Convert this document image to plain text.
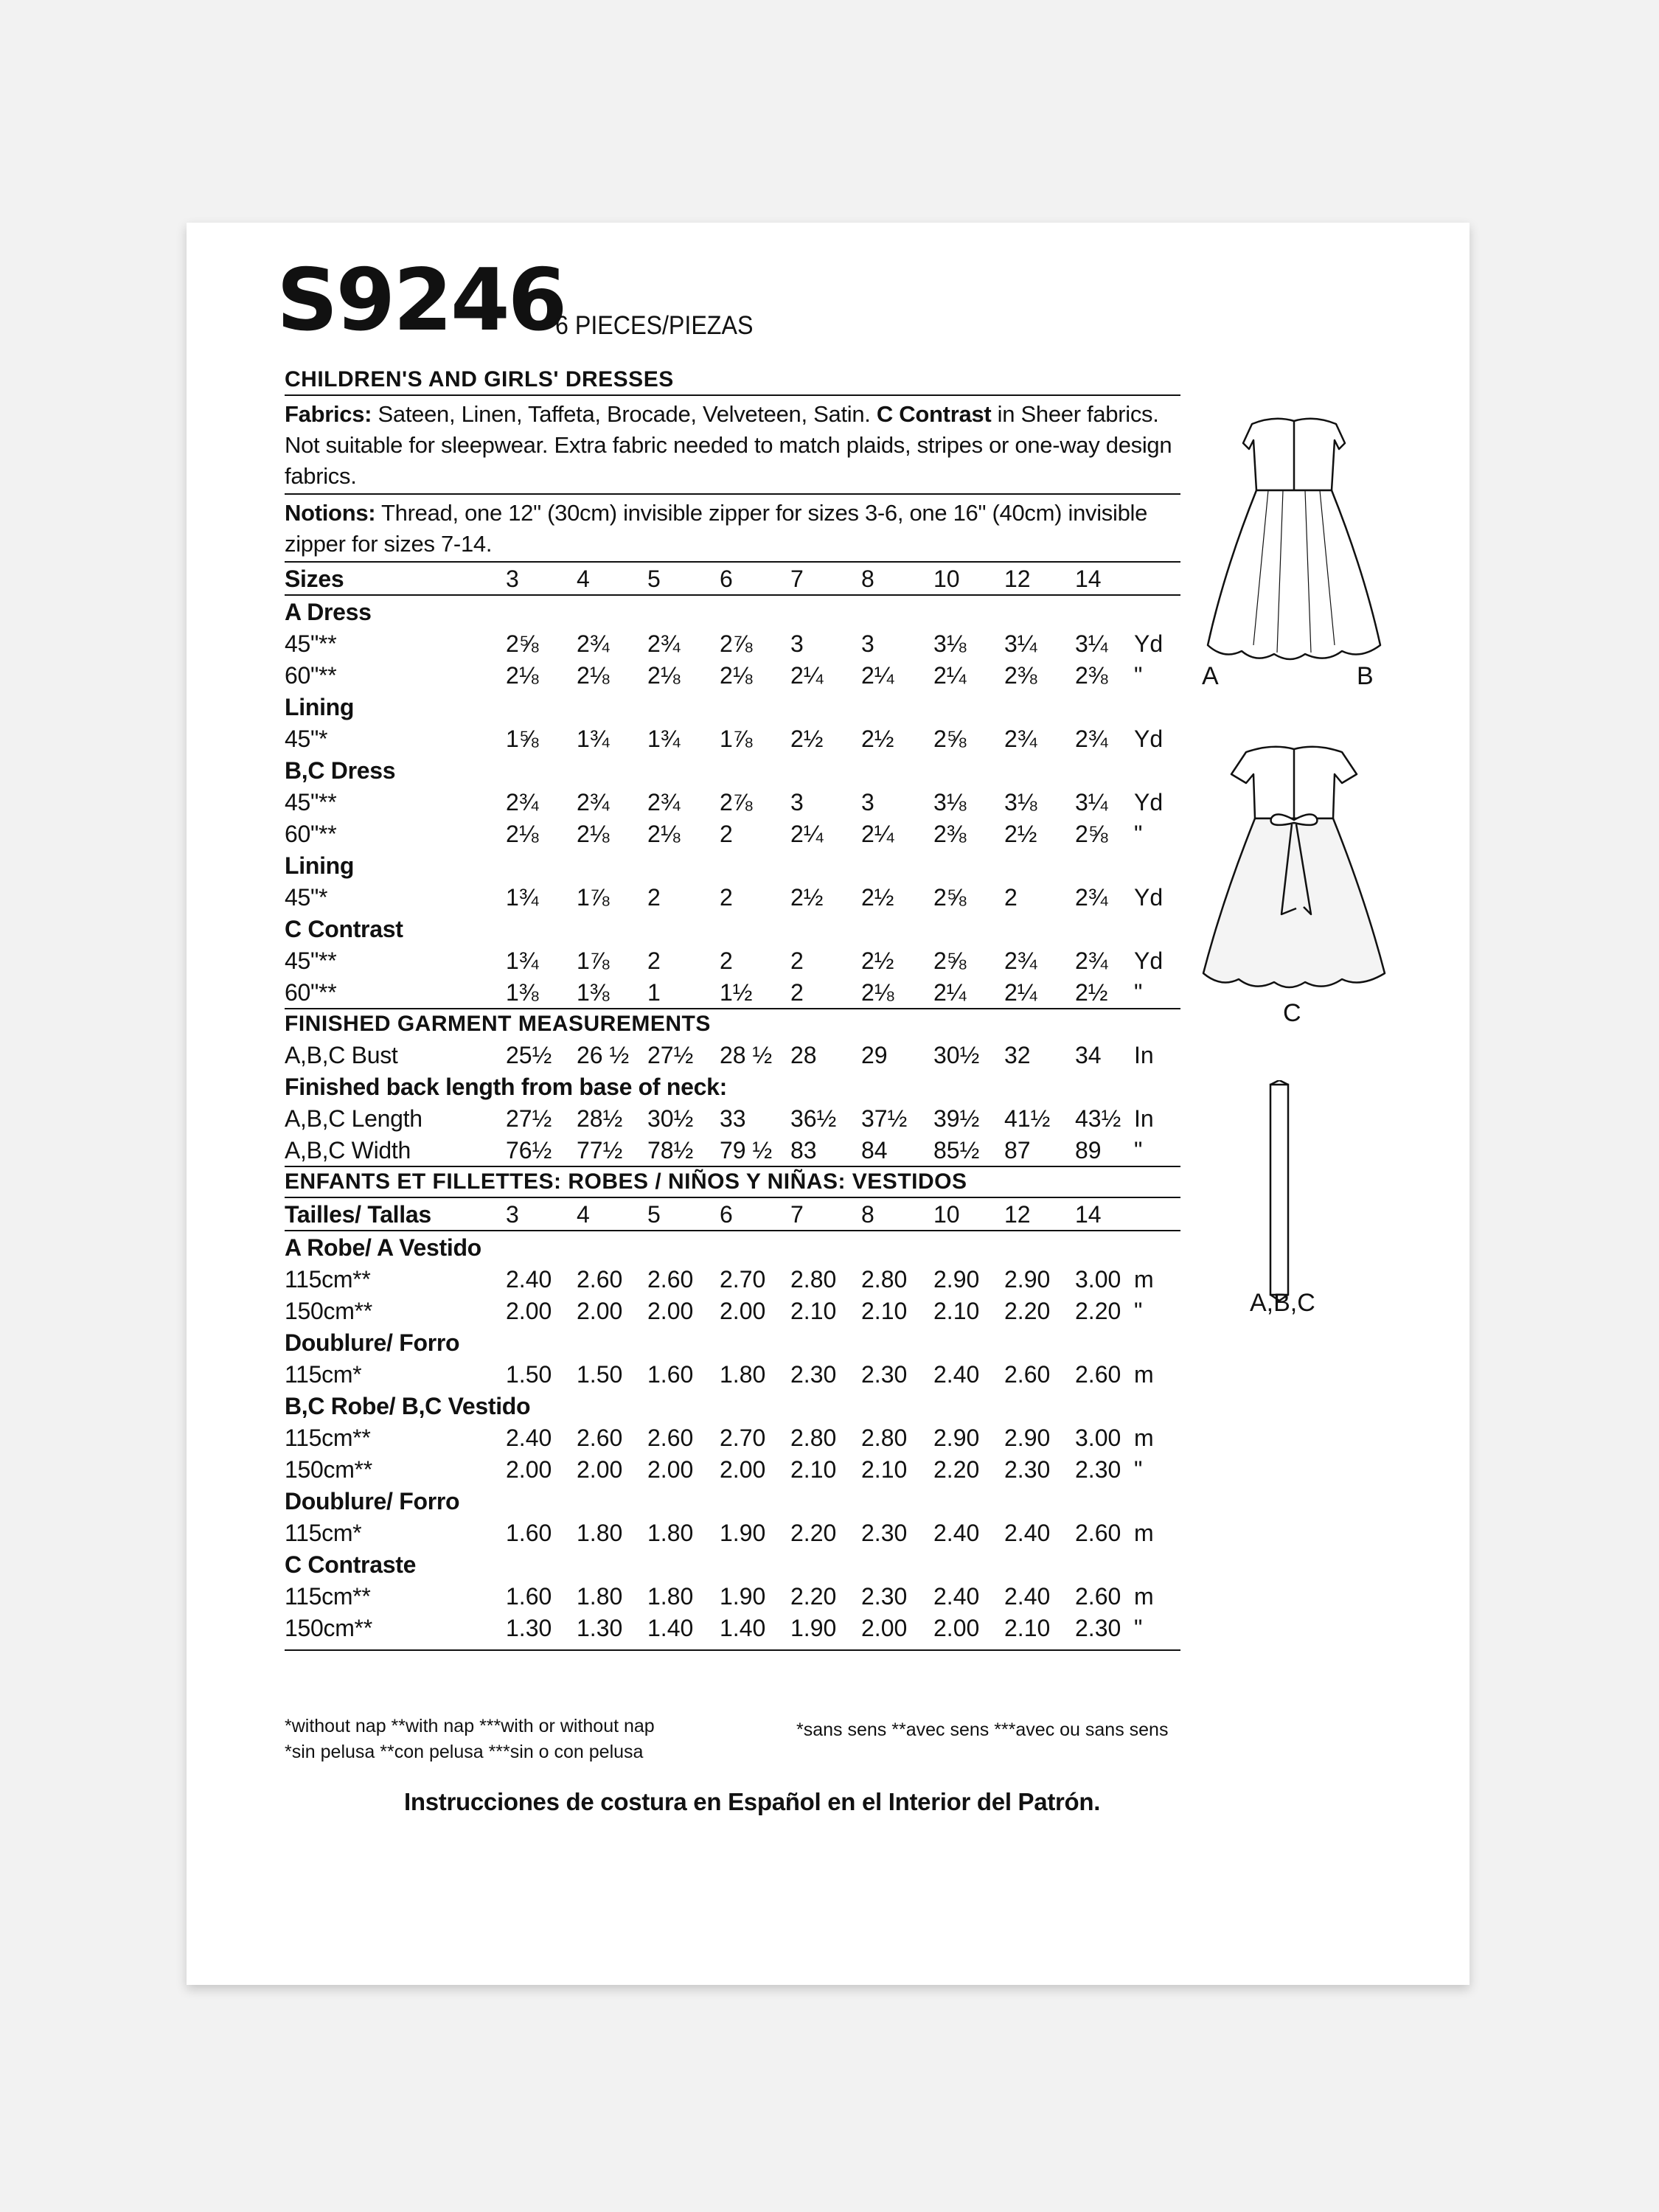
S9246
6 PIECES/PIEZAS
CHILDREN'S AND GIRLS' DRESSES
Fabrics: Sateen, Linen, Taffeta, Brocade, Velveteen, Satin. C Contrast in Sheer fabrics. Not suitable for sleepwear. Extra fabric needed to match plaids, stripes or one-way design fabrics.
Notions: Thread, one 12" (30cm) invisible zipper for sizes 3-6, one 16" (40cm) invisible zipper for sizes 7-14.
Sizes	3 4 5	6 7 8	10 12 14
A Dress
45"**	2⅝ 2¾ 2¾ 2⅞ 3 3	3⅛ 3¼ 3¼ Yd
60"**	2⅛ 2⅛ 2⅛ 2⅛ 2¼ 2¼ 2¼ 2⅜ 2⅜ "
Lining
45"*	1⅝ 1¾ 1¾ 1⅞ 2½ 2½ 2⅝ 2¾ 2¾ Yd
B,C Dress
45"**	2¾ 2¾ 2¾ 2⅞ 3 3	3⅛ 3⅛ 3¼ Yd
60"**	2⅛ 2⅛ 2⅛ 2 2¼ 2¼ 2⅜ 2½ 2⅝ "
Lining
45"*	1¾ 1⅞ 2	2 2½ 2½ 2⅝ 2 2¾ Yd
C Contrast
45"**	1¾ 1⅞ 2	2 2 2½ 2⅝ 2¾ 2¾ Yd
60"**	1⅜ 1⅜ 1	1½ 2 2⅛ 2¼ 2¼ 2½ "
FINISHED GARMENT MEASUREMENTS
A,B,C Bust	25½ 26 ½ 27½ 28 ½ 28 29 30½ 32 34 In
Finished back length from base of neck:
A,B,C Length	27½ 28½ 30½ 33 36½ 37½ 39½ 41½ 43½ In
A,B,C Width	76½ 77½ 78½ 79 ½ 83 84 85½ 87 89 "
ENFANTS ET FILLETTES: ROBES / NIÑOS Y NIÑAS: VESTIDOS
Tailles/ Tallas	3 4 5	6 7 8	10 12 14
A Robe/ A Vestido
115cm**	2.40 2.60 2.60 2.70 2.80 2.80 2.90 2.90 3.00 m
150cm**	2.00 2.00 2.00 2.00 2.10 2.10 2.10 2.20 2.20 "
Doublure/ Forro
115cm*	1.50 1.50 1.60 1.80 2.30 2.30 2.40 2.60 2.60 m
B,C Robe/ B,C Vestido
115cm**	2.40 2.60 2.60 2.70 2.80 2.80 2.90 2.90 3.00 m
150cm**	2.00 2.00 2.00 2.00 2.10 2.10 2.20 2.30 2.30 "
Doublure/ Forro
115cm*	1.60 1.80 1.80 1.90 2.20 2.30 2.40 2.40 2.60 m
C Contraste
115cm**	1.60 1.80 1.80 1.90 2.20 2.30 2.40 2.40 2.60 m
150cm**	1.30 1.30 1.40 1.40 1.90 2.00 2.00 2.10 2.30 "
*without nap **with nap ***with or without nap
*sin pelusa **con pelusa ***sin o con pelusa
*sans sens **avec sens ***avec ou sans sens
Instrucciones de costura en Español en el Interior del Patrón.
A	B
C
A,B,C
